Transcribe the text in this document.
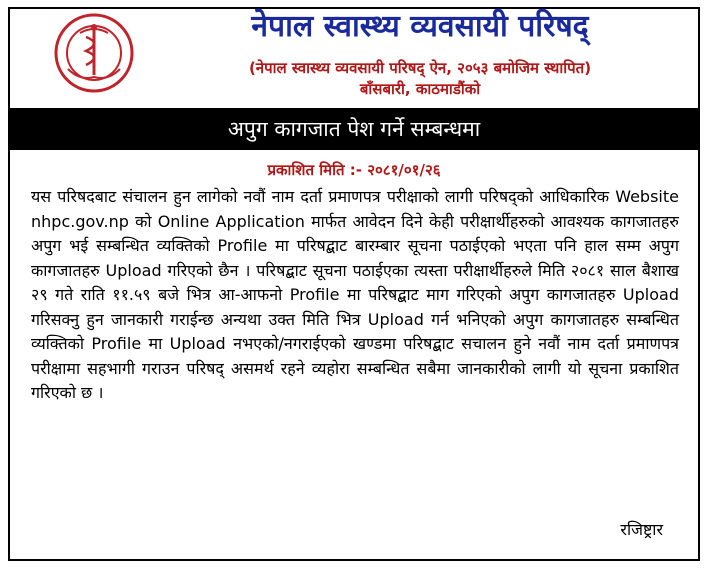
नेपाल स्वास्थ्य व्यवसायी परिषद्
(नेपाल स्वास्थ्य व्यवसायी परिषद् ऐन, २०५३ बमोजिम स्थापित)
बाँसबारी, काठमाडौंको
अपुग कागजात पेश गर्ने सम्बन्धमा
प्रकाशित मिति :- २०८१/०१/२६

यस परिषदबाट संचालन हुन लागेको नवौं नाम दर्ता प्रमाणपत्र परीक्षाको लागी परिषद्को आधिकारिक Website nhpc.gov.np को Online Application मार्फत आवेदन दिने केही परीक्षार्थीहरुको आवश्यक कागजातहरु अपुग भई सम्बन्धित व्यक्तिको Profile मा परिषद्बाट बारम्बार सूचना पठाईएको भएता पनि हाल सम्म अपुग कागजातहरु Upload गरिएको छैन । परिषद्बाट सूचना पठाईएका त्यस्ता परीक्षार्थीहरुले मिति २०८१ साल बैशाख २९ गते राति ११.५९ बजे भित्र आ-आफनो Profile मा परिषद्बाट माग गरिएको अपुग कागजातहरु Upload गरिसक्नु हुन जानकारी गराईन्छ अन्यथा उक्त मिति भित्र Upload गर्न भनिएको अपुग कागजातहरु सम्बन्धित व्यक्तिको Profile मा Upload नभएको/नगराईएको खण्डमा परिषद्बाट सचालन हुने नवौं नाम दर्ता प्रमाणपत्र परीक्षामा सहभागी गराउन परिषद् असमर्थ रहने व्यहोरा सम्बन्धित सबैमा जानकारीको लागी यो सूचना प्रकाशित गरिएको छ ।

रजिष्ट्रार
